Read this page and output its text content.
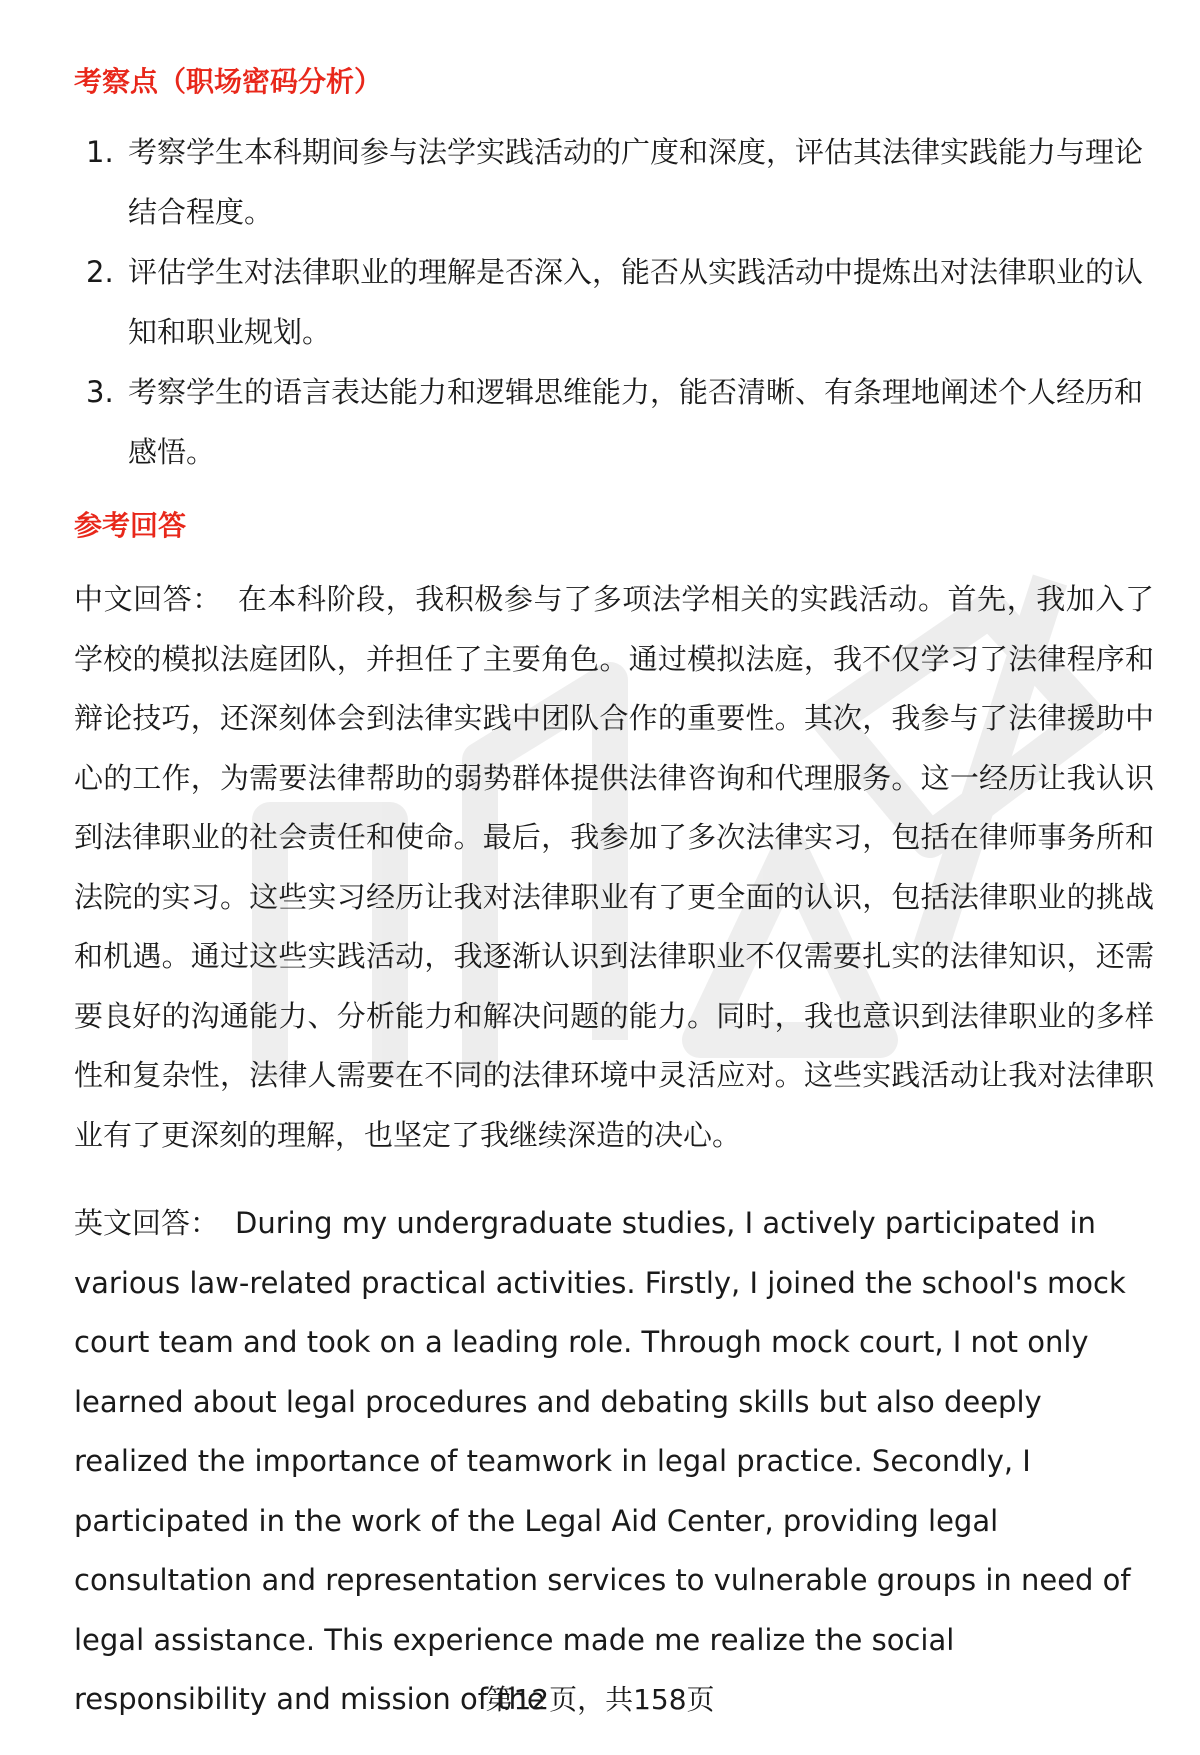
考察点（职场密码分析）
1. 考察学生本科期间参与法学实践活动的广度和深度，评估其法律实践能力与理论结合程度。
2. 评估学生对法律职业的理解是否深入，能否从实践活动中提炼出对法律职业的认知和职业规划。
3. 考察学生的语言表达能力和逻辑思维能力，能否清晰、有条理地阐述个人经历和感悟。
参考回答

中文回答： 在本科阶段，我积极参与了多项法学相关的实践活动。首先，我加入了学校的模拟法庭团队，并担任了主要角色。通过模拟法庭，我不仅学习了法律程序和辩论技巧，还深刻体会到法律实践中团队合作的重要性。其次，我参与了法律援助中心的工作，为需要法律帮助的弱势群体提供法律咨询和代理服务。这一经历让我认识到法律职业的社会责任和使命。最后，我参加了多次法律实习，包括在律师事务所和法院的实习。这些实习经历让我对法律职业有了更全面的认识，包括法律职业的挑战和机遇。通过这些实践活动，我逐渐认识到法律职业不仅需要扎实的法律知识，还需要良好的沟通能力、分析能力和解决问题的能力。同时，我也意识到法律职业的多样性和复杂性，法律人需要在不同的法律环境中灵活应对。这些实践活动让我对法律职业有了更深刻的理解，也坚定了我继续深造的决心。

英文回答： During my undergraduate studies, I actively participated in various law-related practical activities. Firstly, I joined the school's mock court team and took on a leading role. Through mock court, I not only learned about legal procedures and debating skills but also deeply realized the importance of teamwork in legal practice. Secondly, I participated in the work of the Legal Aid Center, providing legal consultation and representation services to vulnerable groups in need of legal assistance. This experience made me realize the social responsibility and mission of the

第12页，共158页
